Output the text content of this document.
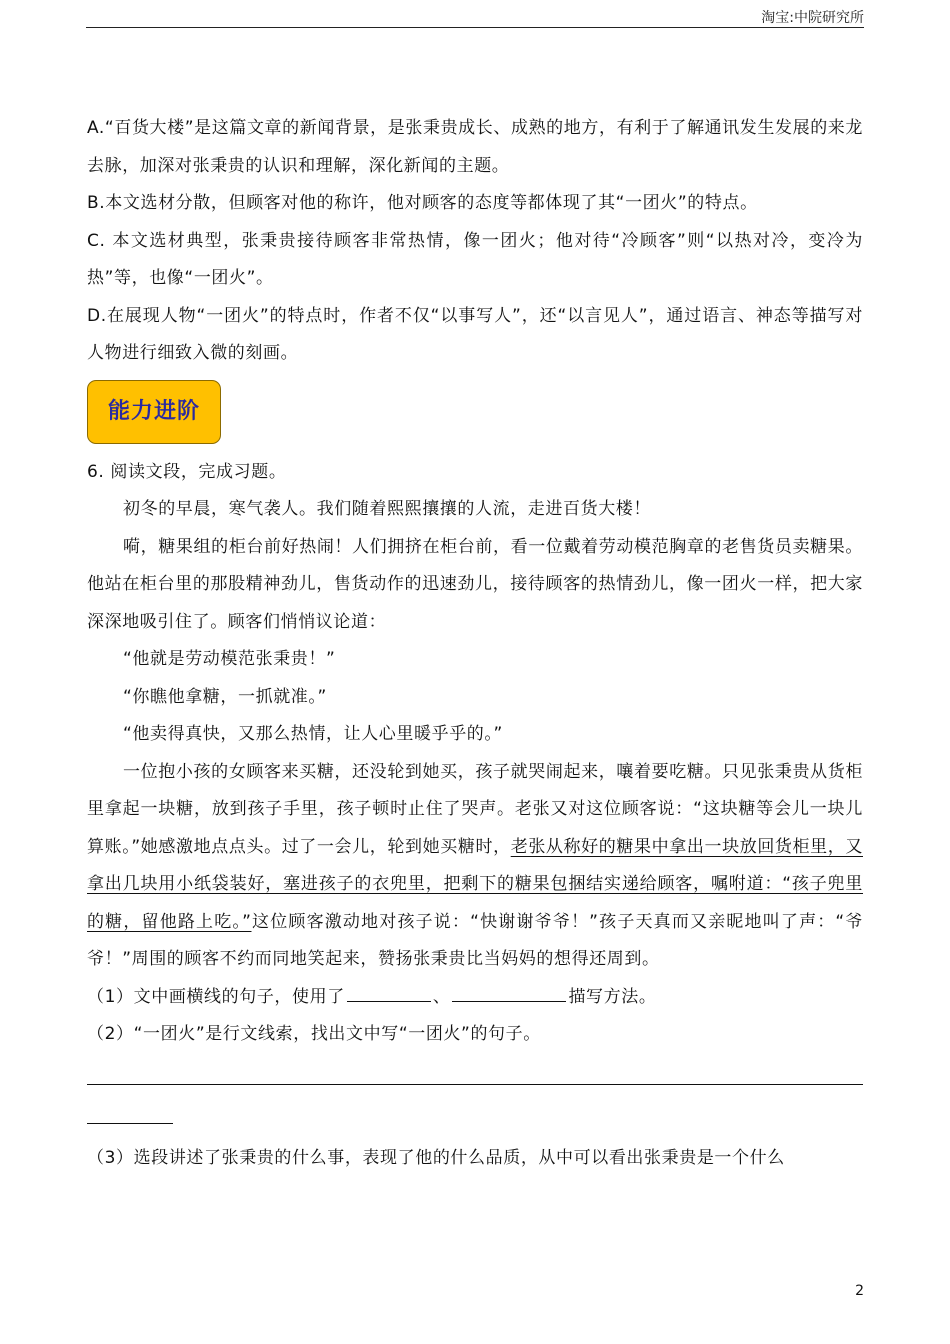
淘宝:中院研究所

A.“百货大楼”是这篇文章的新闻背景，是张秉贵成长、成熟的地方，有利于了解通讯发生发展的来龙去脉，加深对张秉贵的认识和理解，深化新闻的主题。

B.本文选材分散，但顾客对他的称许，他对顾客的态度等都体现了其“一团火”的特点。

C. 本文选材典型，张秉贵接待顾客非常热情，像一团火；他对待“冷顾客”则“以热对冷，变冷为热”等，也像“一团火”。

D.在展现人物“一团火”的特点时，作者不仅“以事写人”，还“以言见人”，通过语言、神态等描写对人物进行细致入微的刻画。

能力进阶

6. 阅读文段，完成习题。

初冬的早晨，寒气袭人。我们随着熙熙攘攘的人流，走进百货大楼！

嗬，糖果组的柜台前好热闹！人们拥挤在柜台前，看一位戴着劳动模范胸章的老售货员卖糖果。他站在柜台里的那股精神劲儿，售货动作的迅速劲儿，接待顾客的热情劲儿，像一团火一样，把大家深深地吸引住了。顾客们悄悄议论道：

“他就是劳动模范张秉贵！”

“你瞧他拿糖，一抓就准。”

“他卖得真快，又那么热情，让人心里暖乎乎的。”

一位抱小孩的女顾客来买糖，还没轮到她买，孩子就哭闹起来，嚷着要吃糖。只见张秉贵从货柜里拿起一块糖，放到孩子手里，孩子顿时止住了哭声。老张又对这位顾客说：“这块糖等会儿一块儿算账。”她感激地点点头。过了一会儿，轮到她买糖时，老张从称好的糖果中拿出一块放回货柜里，又拿出几块用小纸袋装好，塞进孩子的衣兜里，把剩下的糖果包捆结实递给顾客，嘱咐道：“孩子兜里的糖，留他路上吃。”这位顾客激动地对孩子说：“快谢谢爷爷！”孩子天真而又亲昵地叫了声：“爷爷！”周围的顾客不约而同地笑起来，赞扬张秉贵比当妈妈的想得还周到。

（1）文中画横线的句子，使用了	、	描写方法。

（2）“一团火”是行文线索，找出文中写“一团火”的句子。

（3）选段讲述了张秉贵的什么事，表现了他的什么品质，从中可以看出张秉贵是一个什么

2
